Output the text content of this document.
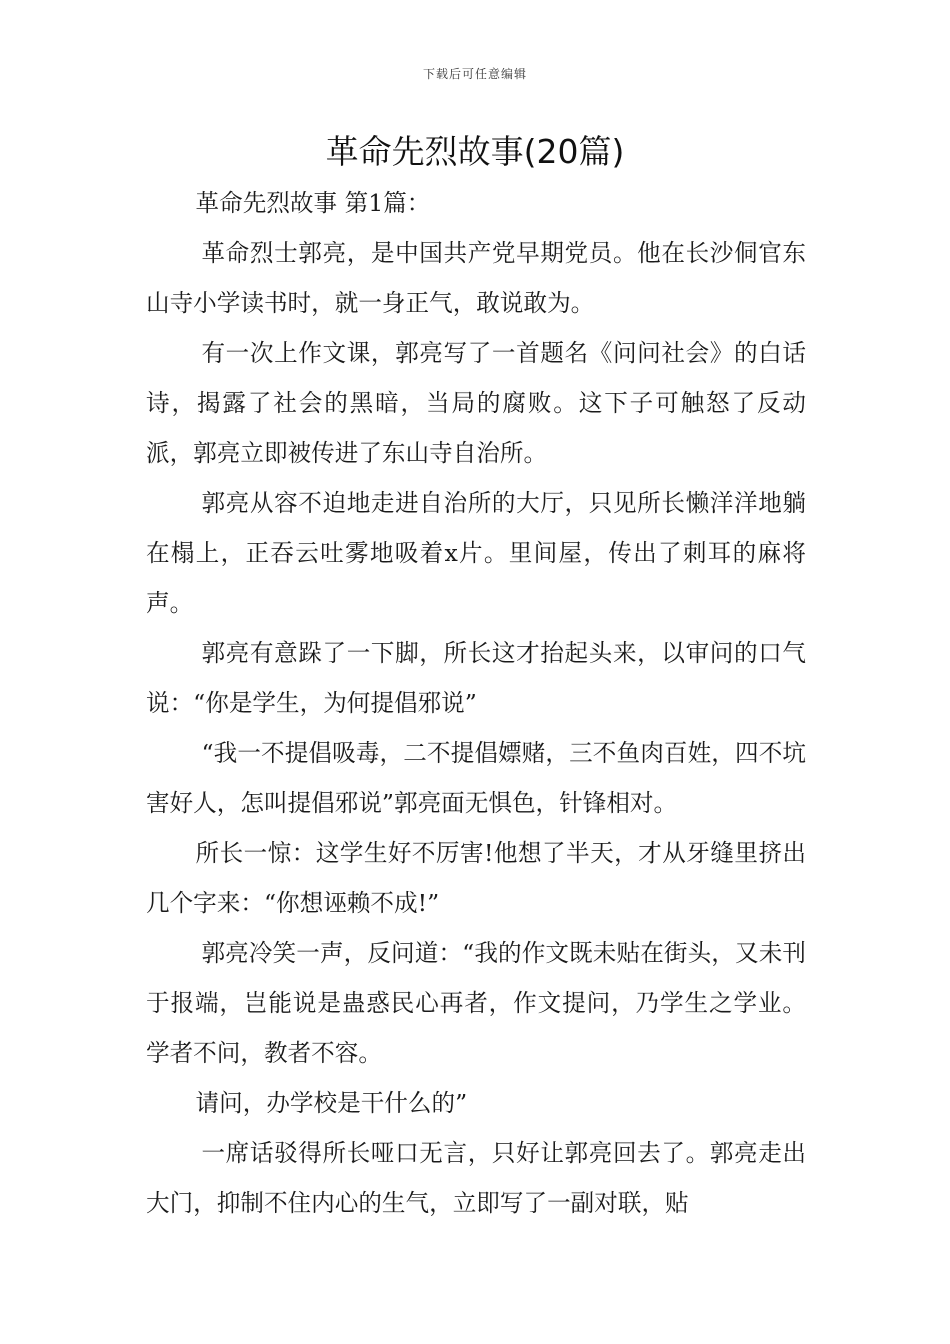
下载后可任意编辑
革命先烈故事(20篇)

革命先烈故事 第1篇：

革命烈士郭亮，是中国共产党早期党员。他在长沙侗官东山寺小学读书时，就一身正气，敢说敢为。

有一次上作文课，郭亮写了一首题名《问问社会》的白话诗，揭露了社会的黑暗，当局的腐败。这下子可触怒了反动派，郭亮立即被传进了东山寺自治所。

郭亮从容不迫地走进自治所的大厅，只见所长懒洋洋地躺在榻上，正吞云吐雾地吸着x片。里间屋，传出了刺耳的麻将声。

郭亮有意跺了一下脚，所长这才抬起头来，以审问的口气说：“你是学生，为何提倡邪说”

“我一不提倡吸毒，二不提倡嫖赌，三不鱼肉百姓，四不坑害好人，怎叫提倡邪说”郭亮面无惧色，针锋相对。

所长一惊：这学生好不厉害!他想了半天，才从牙缝里挤出几个字来：“你想诬赖不成!”

郭亮冷笑一声，反问道：“我的作文既未贴在街头，又未刊于报端，岂能说是蛊惑民心再者，作文提问，乃学生之学业。学者不问，教者不容。

请问，办学校是干什么的”

一席话驳得所长哑口无言，只好让郭亮回去了。郭亮走出大门，抑制不住内心的生气，立即写了一副对联，贴
